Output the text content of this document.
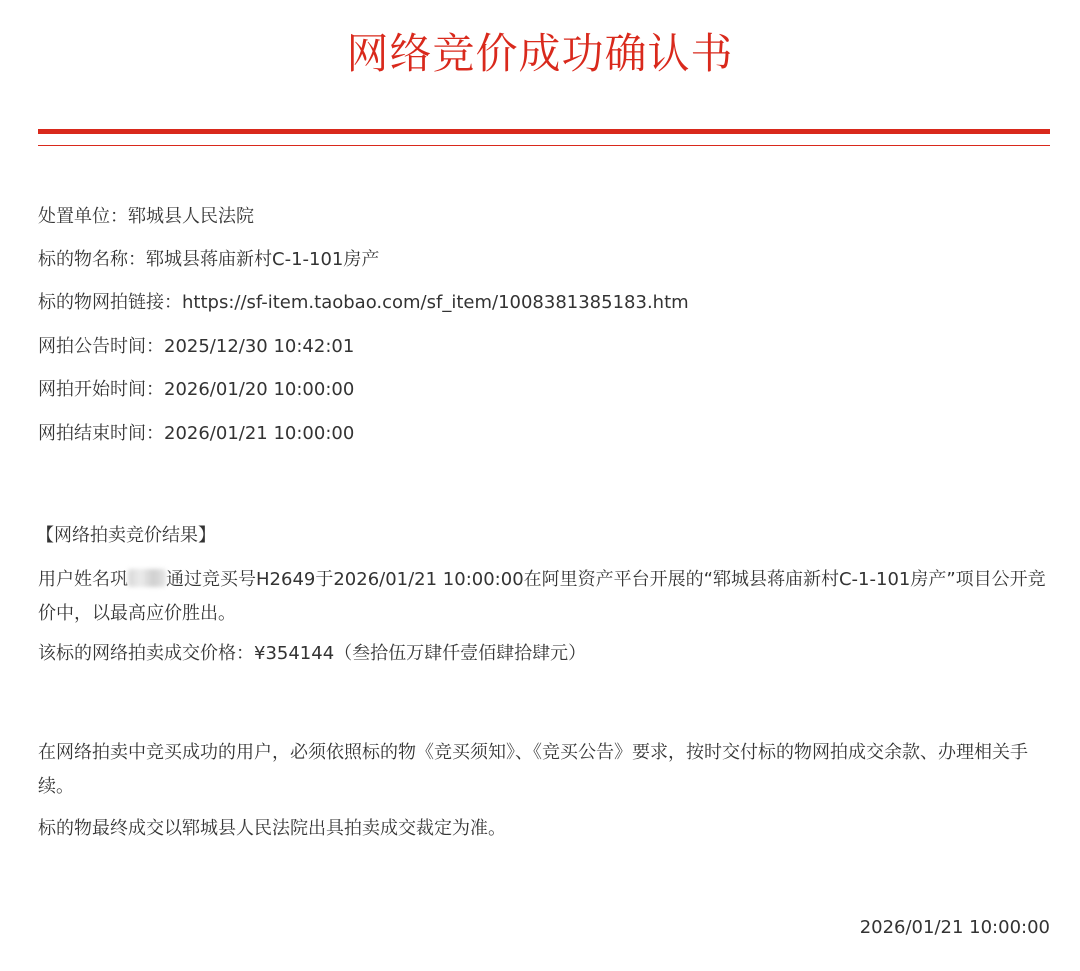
网络竞价成功确认书
处置单位：郓城县人民法院
标的物名称：郓城县蒋庙新村C-1-101房产
标的物网拍链接：https://sf-item.taobao.com/sf_item/1008381385183.htm
网拍公告时间：2025/12/30 10:42:01
网拍开始时间：2026/01/20 10:00:00
网拍结束时间：2026/01/21 10:00:00
【网络拍卖竞价结果】
用户姓名巩 通过竞买号H2649于2026/01/21 10:00:00在阿里资产平台开展的“郓城县蒋庙新村C-1-101房产”项目公开竞价中，以最高应价胜出。
该标的网络拍卖成交价格：¥354144（叁拾伍万肆仟壹佰肆拾肆元）
在网络拍卖中竞买成功的用户，必须依照标的物《竞买须知》、《竞买公告》要求，按时交付标的物网拍成交余款、办理相关手续。
标的物最终成交以郓城县人民法院出具拍卖成交裁定为准。
2026/01/21 10:00:00
